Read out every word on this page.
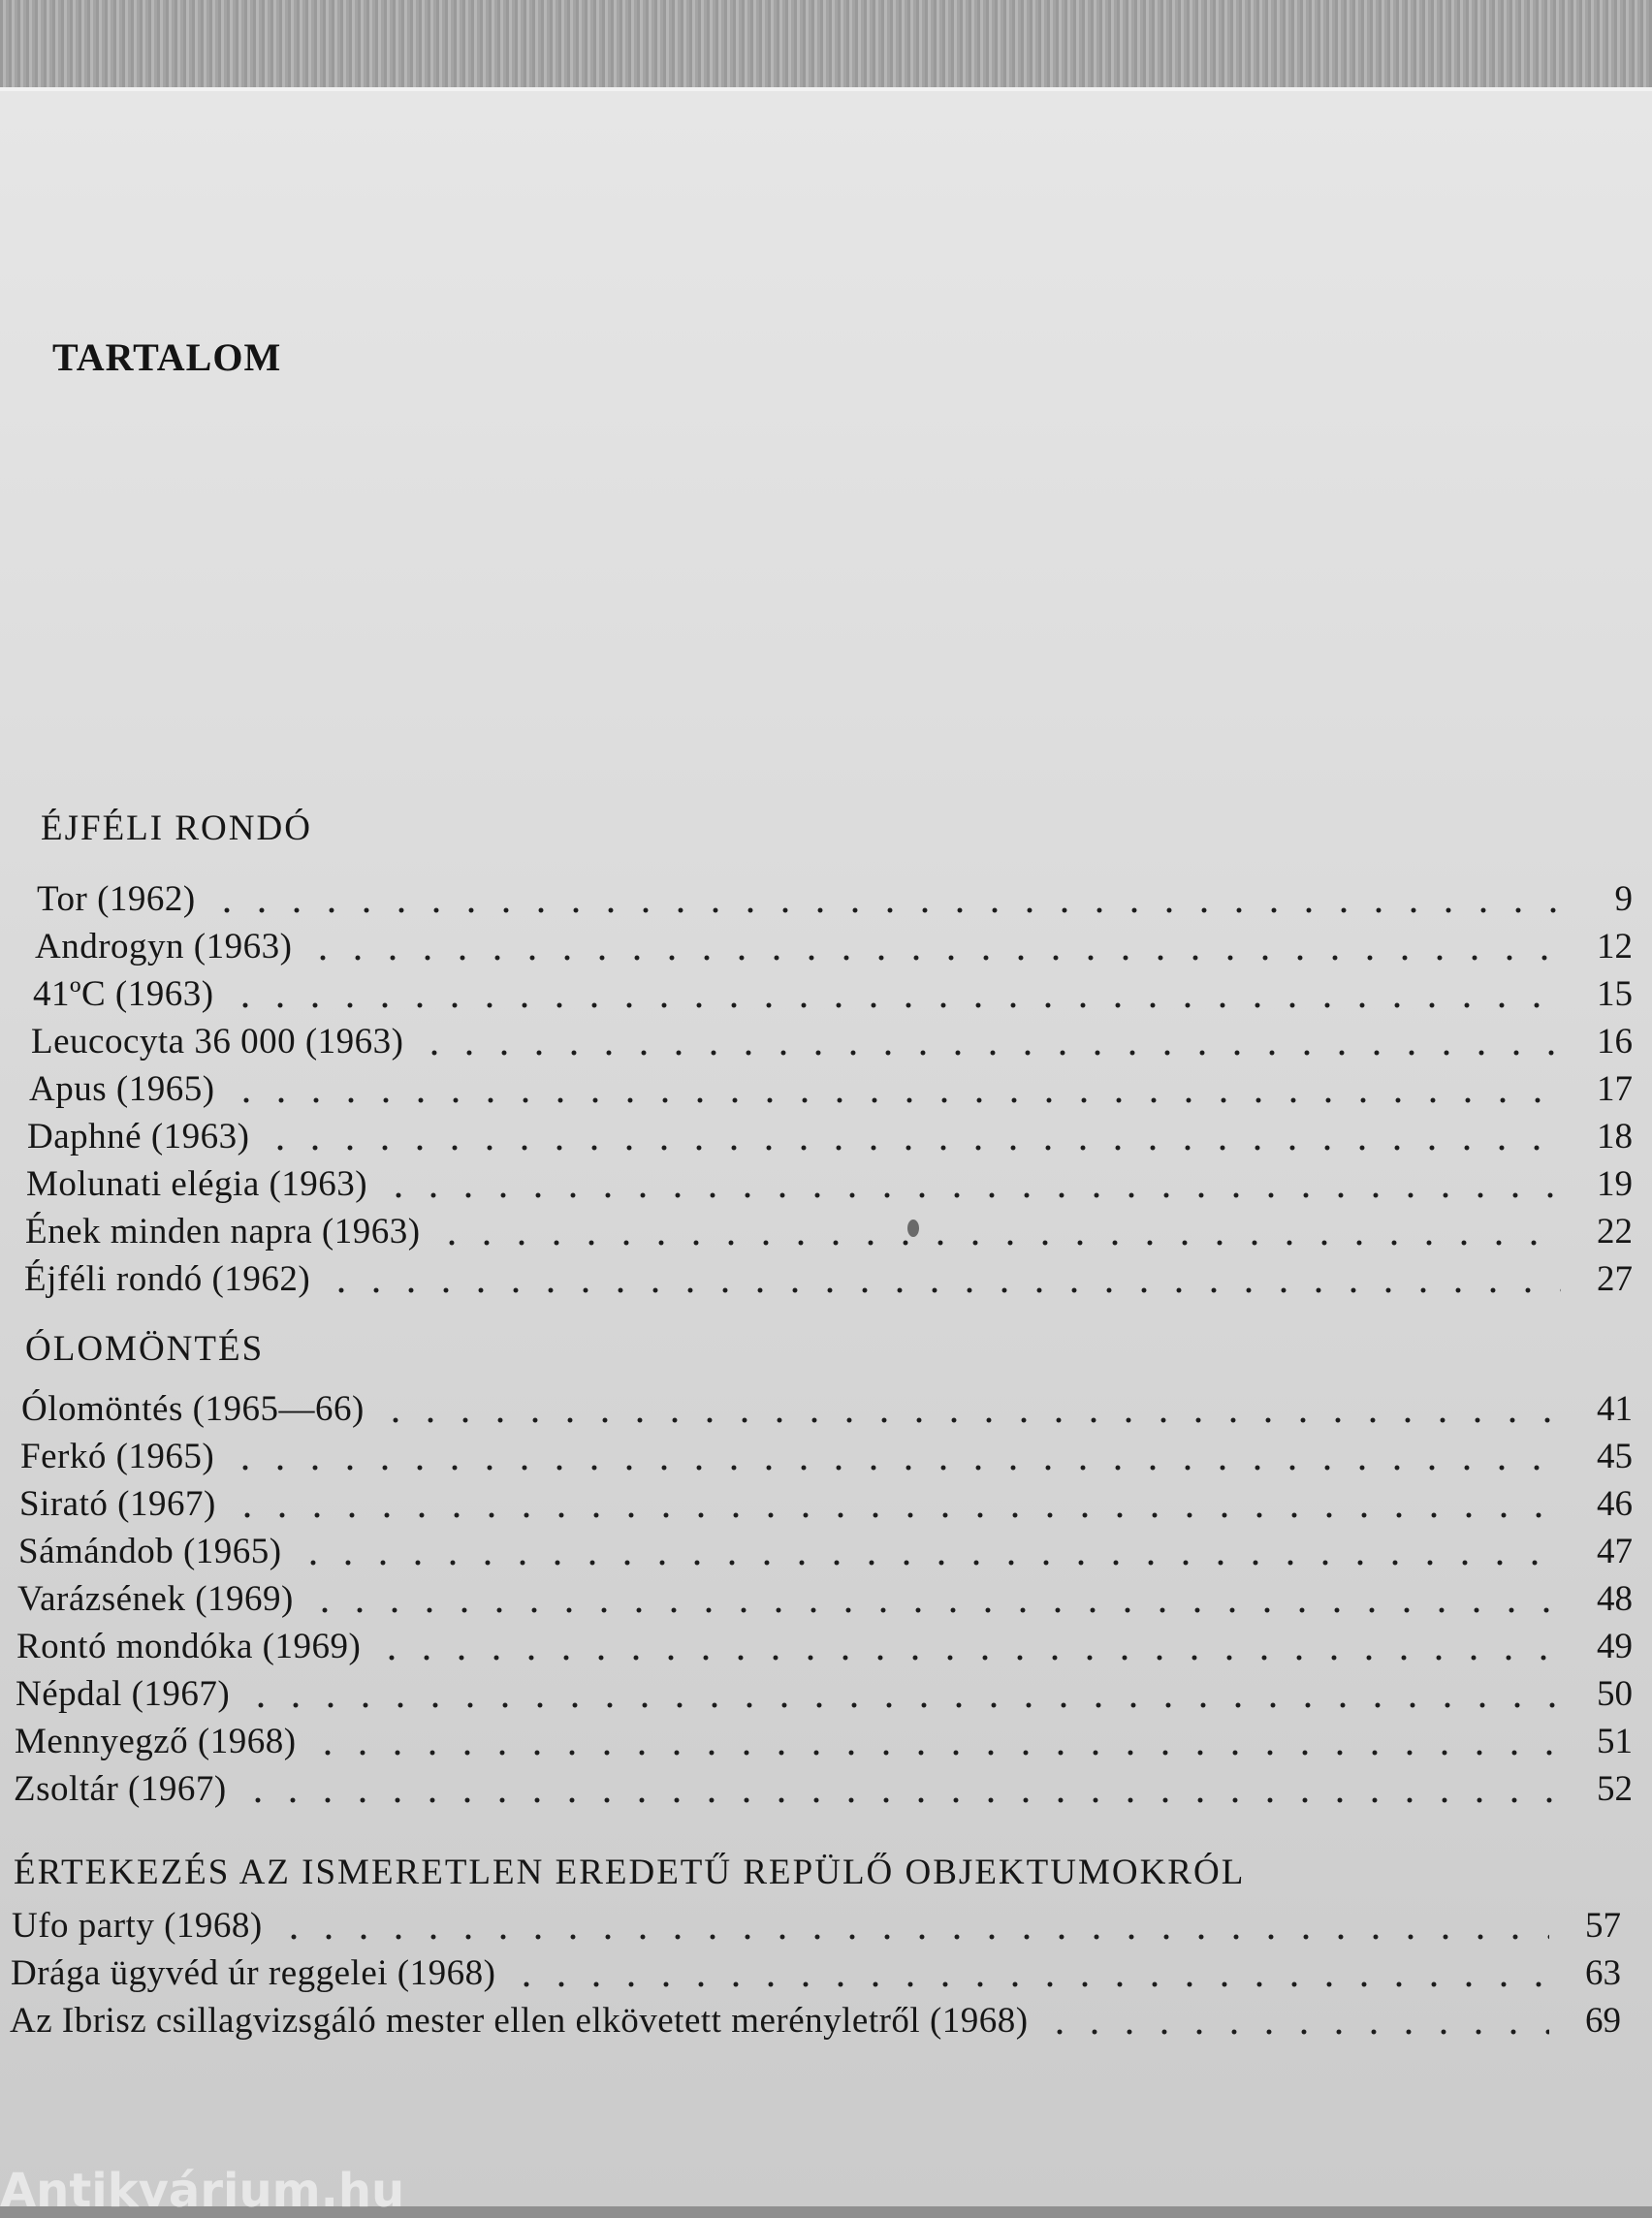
TARTALOM
ÉJFÉLI RONDÓ
Tor (1962)	9
Androgyn (1963)	12
41ºC (1963)	15
Leucocyta 36 000 (1963)	16
Apus (1965)	17
Daphné (1963)	18
Molunati elégia (1963)	19
Ének minden napra (1963)	22
Éjféli rondó (1962)	27
ÓLOMÖNTÉS
Ólomöntés (1965—66)	41
Ferkó (1965)	45
Sirató (1967)	46
Sámándob (1965)	47
Varázsének (1969)	48
Rontó mondóka (1969)	49
Népdal (1967)	50
Mennyegző (1968)	51
Zsoltár (1967)	52
ÉRTEKEZÉS AZ ISMERETLEN EREDETŰ REPÜLŐ OBJEKTUMOKRÓL
Ufo party (1968)	57
Drága ügyvéd úr reggelei (1968)	63
Az Ibrisz csillagvizsgáló mester ellen elkövetett merényletről (1968)	69

Antikvárium.hu
